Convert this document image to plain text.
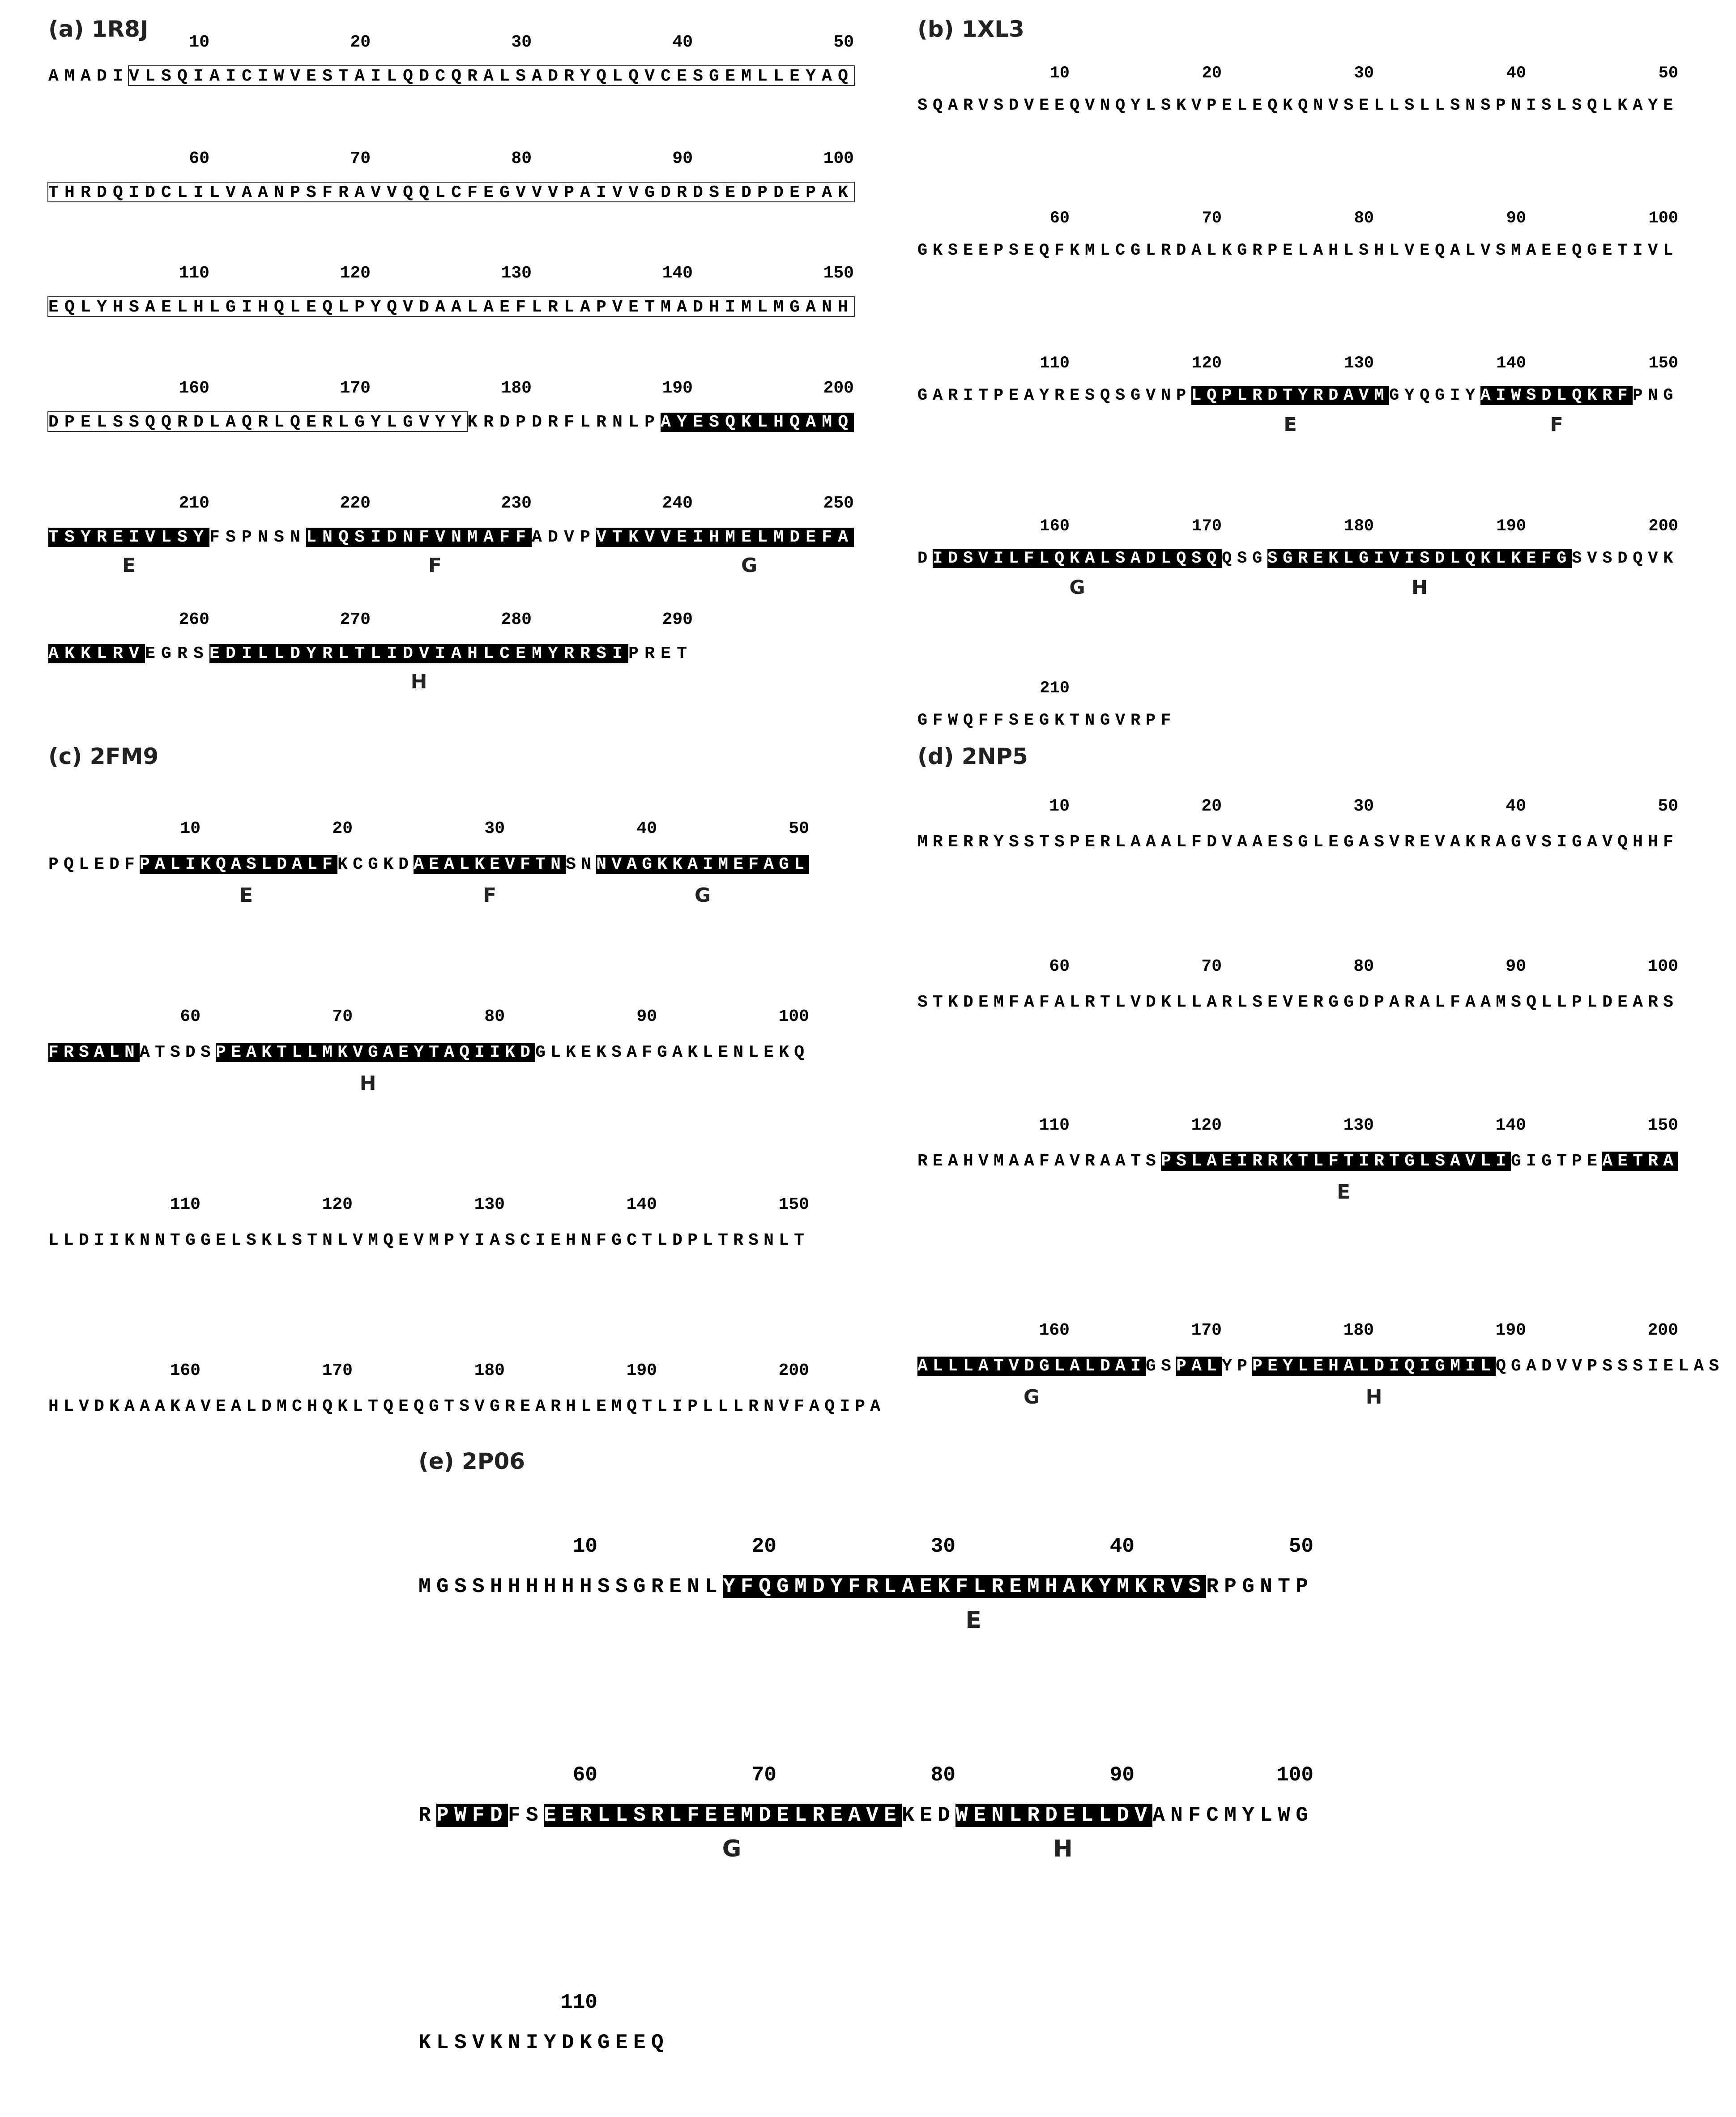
(a) 1R8J
10	20	30	40	50
AMADIVLSQIAICIWVESTAILQDCQRALSADRYQLQVCESGEMLLEYAQ
60	70	80	90	100
THRDQIDCLILVAANPSFRAVVQQLCFEGVVVPAIVVGDRDSEDPDEPAK
110	120	130	140	150
EQLYHSAELHLGIHQLEQLPYQVDAALAEFLRLAPVETMADHIMLMGANH
160	170	180	190	200
DPELSSQQRDLAQRLQERLGYLGVYYKRDPDRFLRNLPAYESQKLHQAMQ
210	220	230	240	250
TSYREIVLSYFSPNSNLNQSIDNFVNMAFFADVPVTKVVEIHMELMDEFA
E	F	G
260	270	280	290
AKKLRVEGRSEDILLDYRLTLIDVIAHLCEMYRRSIPRET
H
(b) 1XL3
10	20	30	40	50
SQARVSDVEEQVNQYLSKVPELEQKQNVSELLSLLSNSPNISLSQLKAYE
60	70	80	90	100
GKSEEPSEQFKMLCGLRDALKGRPELAHLSHLVEQALVSMAEEQGETIVL
110	120	130	140	150
GARITPEAYRESQSGVNPLQPLRDTYRDAVMGYQGIYAIWSDLQKRFPNG
E	F
160	170	180	190	200
DIDSVILFLQKALSADLQSQQSGSGREKLGIVISDLQKLKEFGSVSDQVK
G	H
210
GFWQFFSEGKTNGVRPF
(c) 2FM9
10	20	30	40	50
PQLEDFPALIKQASLDALFKCGKDAEALKEVFTNSNNVAGKKAIMEFAGL
E	F	G
60	70	80	90	100
FRSALNATSDSPEAKTLLMKVGAEYTAQIIKDGLKEKSAFGAKLENLEKQ
H
110	120	130	140	150
LLDIIKNNTGGELSKLSTNLVMQEVMPYIASCIEHNFGCTLDPLTRSNLT
160	170	180	190	200
HLVDKAAAKAVEALDMCHQKLTQEQGTSVGREARHLEMQTLIPLLLRNVFAQIPA
(d) 2NP5
10	20	30	40	50
MRERRYSSTSPERLAAALFDVAAESGLEGASVREVAKRAGVSIGAVQHHF
60	70	80	90	100
STKDEMFAFALRTLVDKLLARLSEVERGGDPARALFAAMSQLLPLDEARS
110	120	130	140	150
REAHVMAAFAVRAATSPSLAEIRRKTLFTIRTGLSAVLIGIGTPEAETRA
E
160	170	180	190	200
ALLLATVDGLALDAIGSPALYPPEYLEHALDIQIGMILQGADVVPSSSIELAS
G	H
(e) 2P06
10	20	30	40	50
MGSSHHHHHHSSGRENLYFQGMDYFRLAEKFLREMHAKYMKRVSRPGNTP
E
60	70	80	90	100
RPWFDFSEERLLSRLFEEMDELREAVEKEDWENLRDELLDVANFCMYLWG
G	H
110
KLSVKNIYDKGEEQ
